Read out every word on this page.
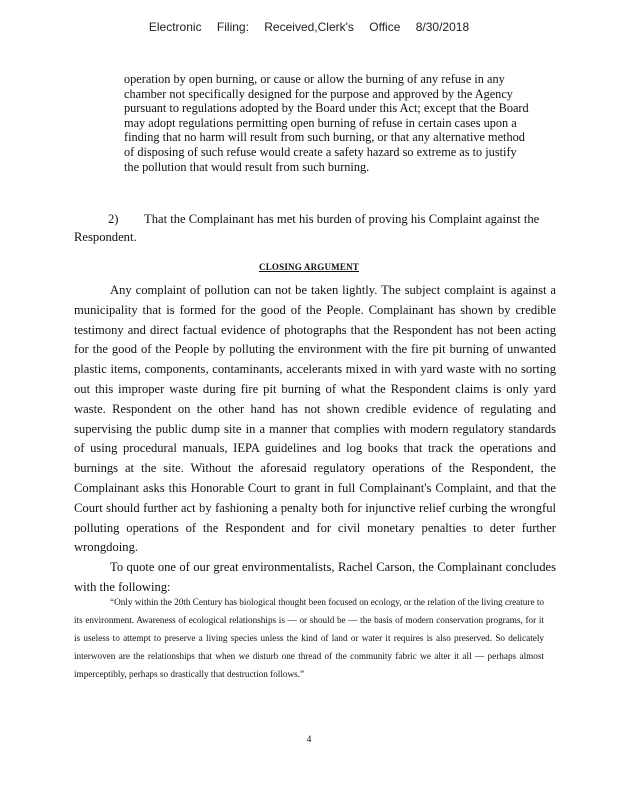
Electronic Filing: Received,Clerk's Office 8/30/2018

operation by open burning, or cause or allow the burning of any refuse in any chamber not specifically designed for the purpose and approved by the Agency pursuant to regulations adopted by the Board under this Act; except that the Board may adopt regulations permitting open burning of refuse in certain cases upon a finding that no harm will result from such burning, or that any alternative method of disposing of such refuse would create a safety hazard so extreme as to justify the pollution that would result from such burning.

2) That the Complainant has met his burden of proving his Complaint against the Respondent.

CLOSING ARGUMENT

Any complaint of pollution can not be taken lightly. The subject complaint is against a municipality that is formed for the good of the People. Complainant has shown by credible testimony and direct factual evidence of photographs that the Respondent has not been acting for the good of the People by polluting the environment with the fire pit burning of unwanted plastic items, components, contaminants, accelerants mixed in with yard waste with no sorting out this improper waste during fire pit burning of what the Respondent claims is only yard waste. Respondent on the other hand has not shown credible evidence of regulating and supervising the public dump site in a manner that complies with modern regulatory standards of using procedural manuals, IEPA guidelines and log books that track the operations and burnings at the site. Without the aforesaid regulatory operations of the Respondent, the Complainant asks this Honorable Court to grant in full Complainant's Complaint, and that the Court should further act by fashioning a penalty both for injunctive relief curbing the wrongful polluting operations of the Respondent and for civil monetary penalties to deter further wrongdoing.

To quote one of our great environmentalists, Rachel Carson, the Complainant concludes with the following:

“Only within the 20th Century has biological thought been focused on ecology, or the relation of the living creature to its environment. Awareness of ecological relationships is — or should be — the basis of modern conservation programs, for it is useless to attempt to preserve a living species unless the kind of land or water it requires is also preserved. So delicately interwoven are the relationships that when we disturb one thread of the community fabric we alter it all — perhaps almost imperceptibly, perhaps so drastically that destruction follows.”

4
